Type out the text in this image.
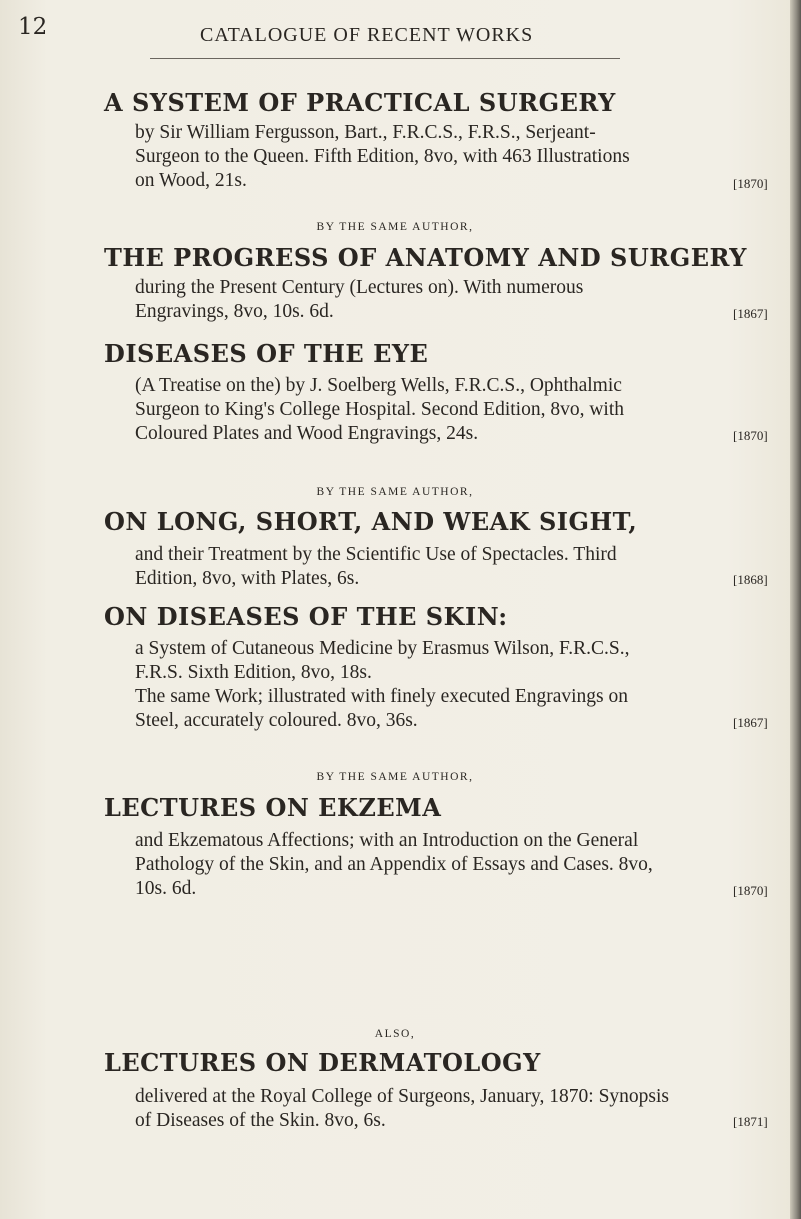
12	CATALOGUE OF RECENT WORKS
A SYSTEM OF PRACTICAL SURGERY
by Sir William Fergusson, Bart., F.R.C.S., F.R.S., Serjeant-
Surgeon to the Queen. Fifth Edition, 8vo, with 463 Illustrations
on Wood, 21s.	[1870]
BY THE SAME AUTHOR,
THE PROGRESS OF ANATOMY AND SURGERY
during the Present Century (Lectures on). With numerous
Engravings, 8vo, 10s. 6d.	[1867]
DISEASES OF THE EYE
(A Treatise on the) by J. Soelberg Wells, F.R.C.S., Ophthalmic
Surgeon to King's College Hospital. Second Edition, 8vo, with
Coloured Plates and Wood Engravings, 24s.	[1870]
BY THE SAME AUTHOR,
ON LONG, SHORT, AND WEAK SIGHT,
and their Treatment by the Scientific Use of Spectacles. Third
Edition, 8vo, with Plates, 6s.	[1868]
ON DISEASES OF THE SKIN:
a System of Cutaneous Medicine by Erasmus Wilson, F.R.C.S.,
F.R.S. Sixth Edition, 8vo, 18s.
The same Work; illustrated with finely executed Engravings on
Steel, accurately coloured. 8vo, 36s.	[1867]
BY THE SAME AUTHOR,
LECTURES ON EKZEMA
and Ekzematous Affections; with an Introduction on the General
Pathology of the Skin, and an Appendix of Essays and Cases. 8vo,
10s. 6d.	[1870]
ALSO,
LECTURES ON DERMATOLOGY
delivered at the Royal College of Surgeons, January, 1870: Synopsis
of Diseases of the Skin. 8vo, 6s.	[1871]
